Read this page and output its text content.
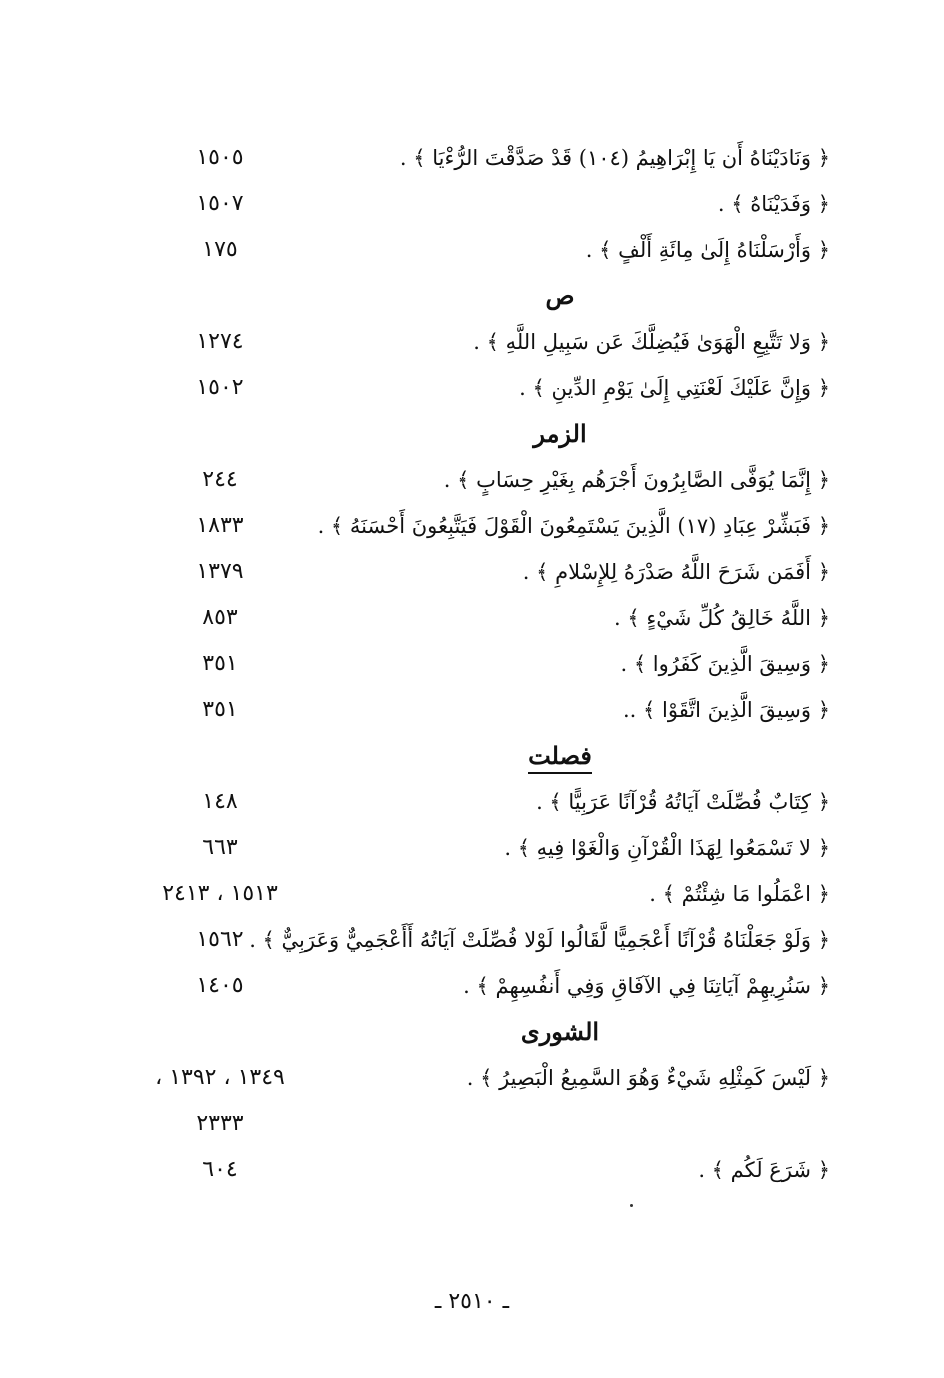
﴿ وَنَادَيْنَاهُ أَن يَا إِبْرَاهِيمُ (١٠٤) قَدْ صَدَّقْتَ الرُّءْيَا ﴾ .
١٥٠٥
﴿ وَفَدَيْنَاهُ ﴾ .
١٥٠٧
﴿ وَأَرْسَلْنَاهُ إِلَىٰ مِائَةِ أَلْفٍ ﴾ .
١٧٥
ص
﴿ وَلا تَتَّبِعِ الْهَوَىٰ فَيُضِلَّكَ عَن سَبِيلِ اللَّهِ ﴾ .
١٢٧٤
﴿ وَإِنَّ عَلَيْكَ لَعْنَتِي إِلَىٰ يَوْمِ الدِّينِ ﴾ .
١٥٠٢
الزمر
﴿ إِنَّمَا يُوَفَّى الصَّابِرُونَ أَجْرَهُم بِغَيْرِ حِسَابٍ ﴾ .
٢٤٤
﴿ فَبَشِّرْ عِبَادِ (١٧) الَّذِينَ يَسْتَمِعُونَ الْقَوْلَ فَيَتَّبِعُونَ أَحْسَنَهُ ﴾ .
١٨٣٣
﴿ أَفَمَن شَرَحَ اللَّهُ صَدْرَهُ لِلإِسْلامِ ﴾ .
١٣٧٩
﴿ اللَّهُ خَالِقُ كُلِّ شَيْءٍ ﴾ .
٨٥٣
﴿ وَسِيقَ الَّذِينَ كَفَرُوا ﴾ .
٣٥١
﴿ وَسِيقَ الَّذِينَ اتَّقَوْا ﴾ ..
٣٥١
فصلت
﴿ كِتَابٌ فُصِّلَتْ آيَاتُهُ قُرْآنًا عَرَبِيًّا ﴾ .
١٤٨
﴿ لا تَسْمَعُوا لِهَذَا الْقُرْآنِ وَالْغَوْا فِيهِ ﴾ .
٦٦٣
﴿ اعْمَلُوا مَا شِئْتُمْ ﴾ .
١٥١٣ ، ٢٤١٣
﴿ وَلَوْ جَعَلْنَاهُ قُرْآنًا أَعْجَمِيًّا لَّقَالُوا لَوْلا فُصِّلَتْ آيَاتُهُ أَأَعْجَمِيٌّ وَعَرَبِيٌّ ﴾ .
١٥٦٢
﴿ سَنُرِيهِمْ آيَاتِنَا فِي الآفَاقِ وَفِي أَنفُسِهِمْ ﴾ .
١٤٠٥
الشورى
﴿ لَيْسَ كَمِثْلِهِ شَيْءٌ وَهُوَ السَّمِيعُ الْبَصِيرُ ﴾ .
١٣٤٩ ، ١٣٩٢ ،
٢٣٣٣
﴿ شَرَعَ لَكُم ﴾ .
٦٠٤
ـ ٢٥١٠ ـ
